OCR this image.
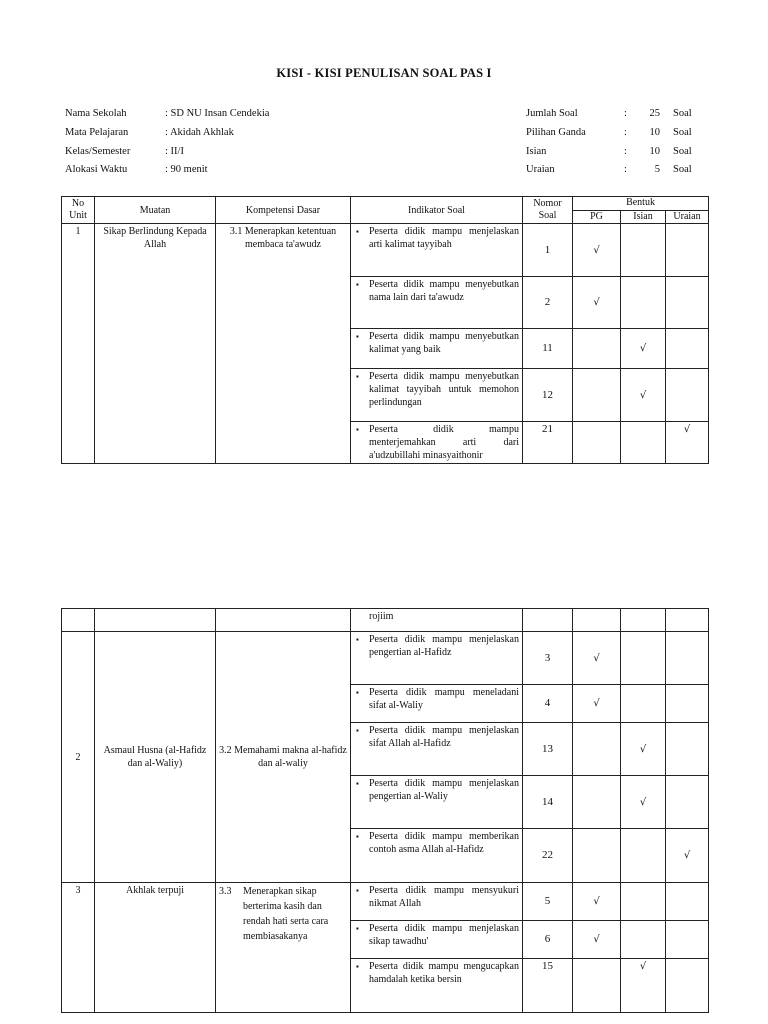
KISI - KISI PENULISAN SOAL PAS I
Nama Sekolah	: SD NU Insan Cendekia
Mata Pelajaran	: Akidah Akhlak
Kelas/Semester	: II/I
Alokasi Waktu	: 90 menit
Jumlah Soal	:	25 Soal
Pilihan Ganda	:	10 Soal
Isian	:	10 Soal
Uraian	:	5 Soal
No Unit	Muatan	Kompetensi Dasar	Indikator Soal	Nomor Soal	Bentuk		
					PG	Isian	Uraian
1	Sikap Berlindung Kepada Allah	3.1 Menerapkan ketentuan membaca ta'awudz	▪ Peserta didik mampu menjelaskan arti kalimat tayyibah	1	√		

			▪ Peserta didik mampu menyebutkan nama lain dari ta'awudz	2	√		

			▪ Peserta didik mampu menyebutkan kalimat yang baik	11		√	

			▪ Peserta didik mampu menyebutkan kalimat tayyibah untuk memohon perlindungan	12		√	

			▪ Peserta didik mampu menterjemahkan arti dari a'udzubillahi minasyaithonir	21			√
			rojiim				
2	Asmaul Husna (al-Hafidz dan al-Waliy)	3.2 Memahami makna al-hafidz dan al-waliy	▪ Peserta didik mampu menjelaskan pengertian al-Hafidz	3	√		

			▪ Peserta didik mampu meneladani sifat al-Waliy	4	√		

			▪ Peserta didik mampu menjelaskan sifat Allah al-Hafidz	13		√	

			▪ Peserta didik mampu menjelaskan pengertian al-Waliy	14		√	

			▪ Peserta didik mampu memberikan contoh asma Allah al-Hafidz	22			√
3	Akhlak terpuji	3.3 Menerapkan sikap berterima kasih dan rendah hati serta cara membiasakanya	▪ Peserta didik mampu mensyukuri nikmat Allah	5	√		

			▪ Peserta didik mampu menjelaskan sikap tawadhu'	6	√		

			▪ Peserta didik mampu mengucapkan hamdalah ketika bersin	15		√	
